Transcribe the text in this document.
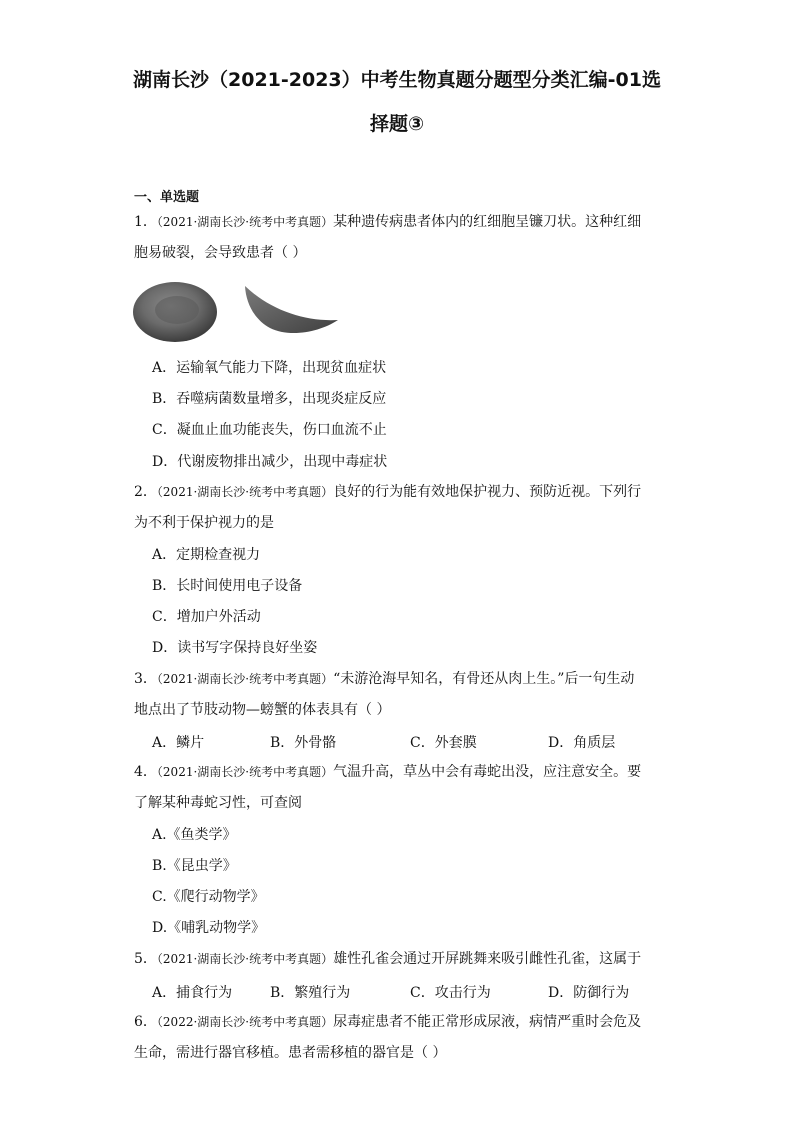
湖南长沙（2021-2023）中考生物真题分题型分类汇编-01选
择题③
一、单选题
1．（2021·湖南长沙·统考中考真题）某种遗传病患者体内的红细胞呈镰刀状。这种红细
胞易破裂，会导致患者（ ）
A．运输氧气能力下降，出现贫血症状
B．吞噬病菌数量增多，出现炎症反应
C．凝血止血功能丧失，伤口血流不止
D．代谢废物排出减少，出现中毒症状
2．（2021·湖南长沙·统考中考真题）良好的行为能有效地保护视力、预防近视。下列行
为不利于保护视力的是
A．定期检查视力
B．长时间使用电子设备
C．增加户外活动
D．读书写字保持良好坐姿
3．（2021·湖南长沙·统考中考真题）“未游沧海早知名，有骨还从肉上生。”后一句生动
地点出了节肢动物—螃蟹的体表具有（ ）
A．鳞片	B．外骨骼	C．外套膜	D．角质层
4．（2021·湖南长沙·统考中考真题）气温升高，草丛中会有毒蛇出没，应注意安全。要
了解某种毒蛇习性，可查阅
A.《鱼类学》
B.《昆虫学》
C.《爬行动物学》
D.《哺乳动物学》
5．（2021·湖南长沙·统考中考真题）雄性孔雀会通过开屏跳舞来吸引雌性孔雀，这属于
A．捕食行为	B．繁殖行为	C．攻击行为	D．防御行为
6．（2022·湖南长沙·统考中考真题）尿毒症患者不能正常形成尿液，病情严重时会危及
生命，需进行器官移植。患者需移植的器官是（ ）
